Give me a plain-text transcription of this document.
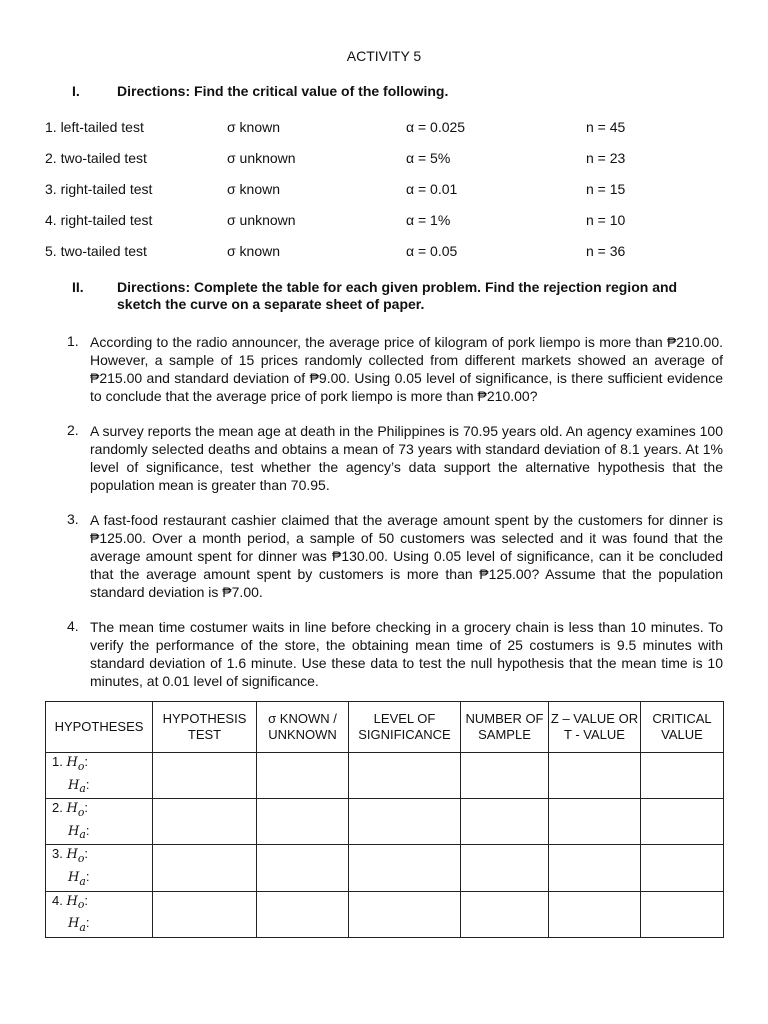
ACTIVITY 5
I.	Directions: Find the critical value of the following.
1. left-tailed test	σ known	α = 0.025	n = 45
2. two-tailed test	σ unknown	α = 5%	n = 23
3. right-tailed test	σ known	α = 0.01	n = 15
4. right-tailed test	σ unknown	α = 1%	n = 10
5. two-tailed test	σ known	α = 0.05	n = 36
II.	Directions: Complete the table for each given problem. Find the rejection region and sketch the curve on a separate sheet of paper.
1. According to the radio announcer, the average price of kilogram of pork liempo is more than ₱210.00. However, a sample of 15 prices randomly collected from different markets showed an average of ₱215.00 and standard deviation of ₱9.00. Using 0.05 level of significance, is there sufficient evidence to conclude that the average price of pork liempo is more than ₱210.00?
2. A survey reports the mean age at death in the Philippines is 70.95 years old. An agency examines 100 randomly selected deaths and obtains a mean of 73 years with standard deviation of 8.1 years. At 1% level of significance, test whether the agency’s data support the alternative hypothesis that the population mean is greater than 70.95.
3. A fast-food restaurant cashier claimed that the average amount spent by the customers for dinner is ₱125.00. Over a month period, a sample of 50 customers was selected and it was found that the average amount spent for dinner was ₱130.00. Using 0.05 level of significance, can it be concluded that the average amount spent by customers is more than ₱125.00? Assume that the population standard deviation is ₱7.00.
4. The mean time costumer waits in line before checking in a grocery chain is less than 10 minutes. To verify the performance of the store, the obtaining mean time of 25 costumers is 9.5 minutes with standard deviation of 1.6 minute. Use these data to test the null hypothesis that the mean time is 10 minutes, at 0.01 level of significance.
HYPOTHESES	HYPOTHESIS TEST	σ KNOWN / UNKNOWN	LEVEL OF SIGNIFICANCE	NUMBER OF SAMPLE	Z – VALUE OR T - VALUE	CRITICAL VALUE

1. $H_o$:
$H_a$:						

2. $H_o$:
$H_a$:						

3. $H_o$:
$H_a$:						

4. $H_o$:
$H_a$:						
